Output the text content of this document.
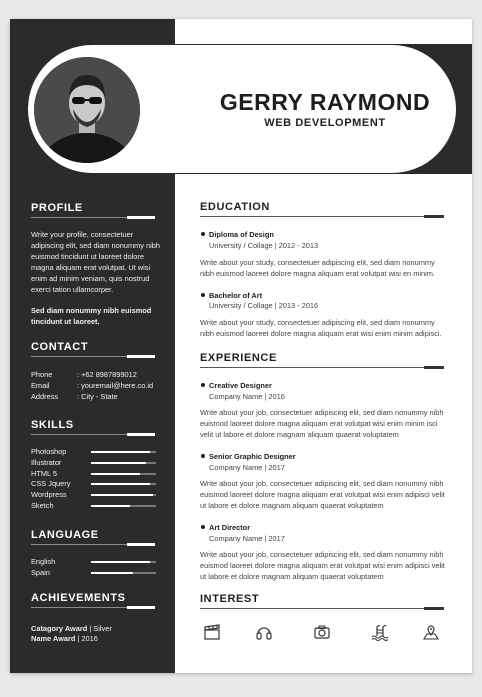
GERRY RAYMOND
WEB DEVELOPMENT
PROFILE
Write your profile, consectetuer adipiscing elit, sed diam nonummy nibh euismod tincidunt ut laoreet dolore magna aliquam erat volutpat. Ut wisi enim ad minim veniam, quis nostrud exerci tation ullamcorper.
Sed diam nonummy nibh euismod tincidunt ut laoreet.
CONTACT
Phone	: +62 8987899012
Email	: youremail@here.co.id
Address	: City - State
SKILLS
Photoshop
Illustrator
HTML 5
CSS Jquery
Wordpress
Sketch
LANGUAGE
English
Spain
ACHIEVEMENTS
Catagory Award | Silver
Name Award | 2016
EDUCATION
Diploma of Design
University / Collage | 2012 - 2013
Write about your study, consectetuer adipiscing elit, sed diam nonummy nibh euismod laoreet dolore magna aliquam erat volutpat wisi en minim.
Bachelor of Art
University / Collage | 2013 - 2016
Write about your study, consectetuer adipiscing elit, sed diam nonummy nibh euismod laoreet dolore magna aliquam erat wisi enim minim adipisci.
EXPERIENCE
Creative Designer
Company Name | 2016
Write about your job, consectetuer adipiscing elit, sed diam nonummy nibh euismod laoreet dolore magna aliquam erat volutpat wisi enim minim isci velit ut labore et dolore magnam aliquam quaerat voluptatem
Senior Graphic Designer
Company Name | 2017
Write about your job, consectetuer adipiscing elit, sed diam nonummy nibh euismod laoreet dolore magna aliquam erat volutpat wisi enim adipisci velit ut labore et dolore magnam aliquam quaerat voluptatem
Art Director
Company Name | 2017
Write about your job, consectetuer adipiscing elit, sed diam nonummy nibh euismod laoreet dolore magna aliquam erat volutpat wisi enim adipisci velit ut labore et dolore magnam aliquam quaerat voluptatem
INTEREST
